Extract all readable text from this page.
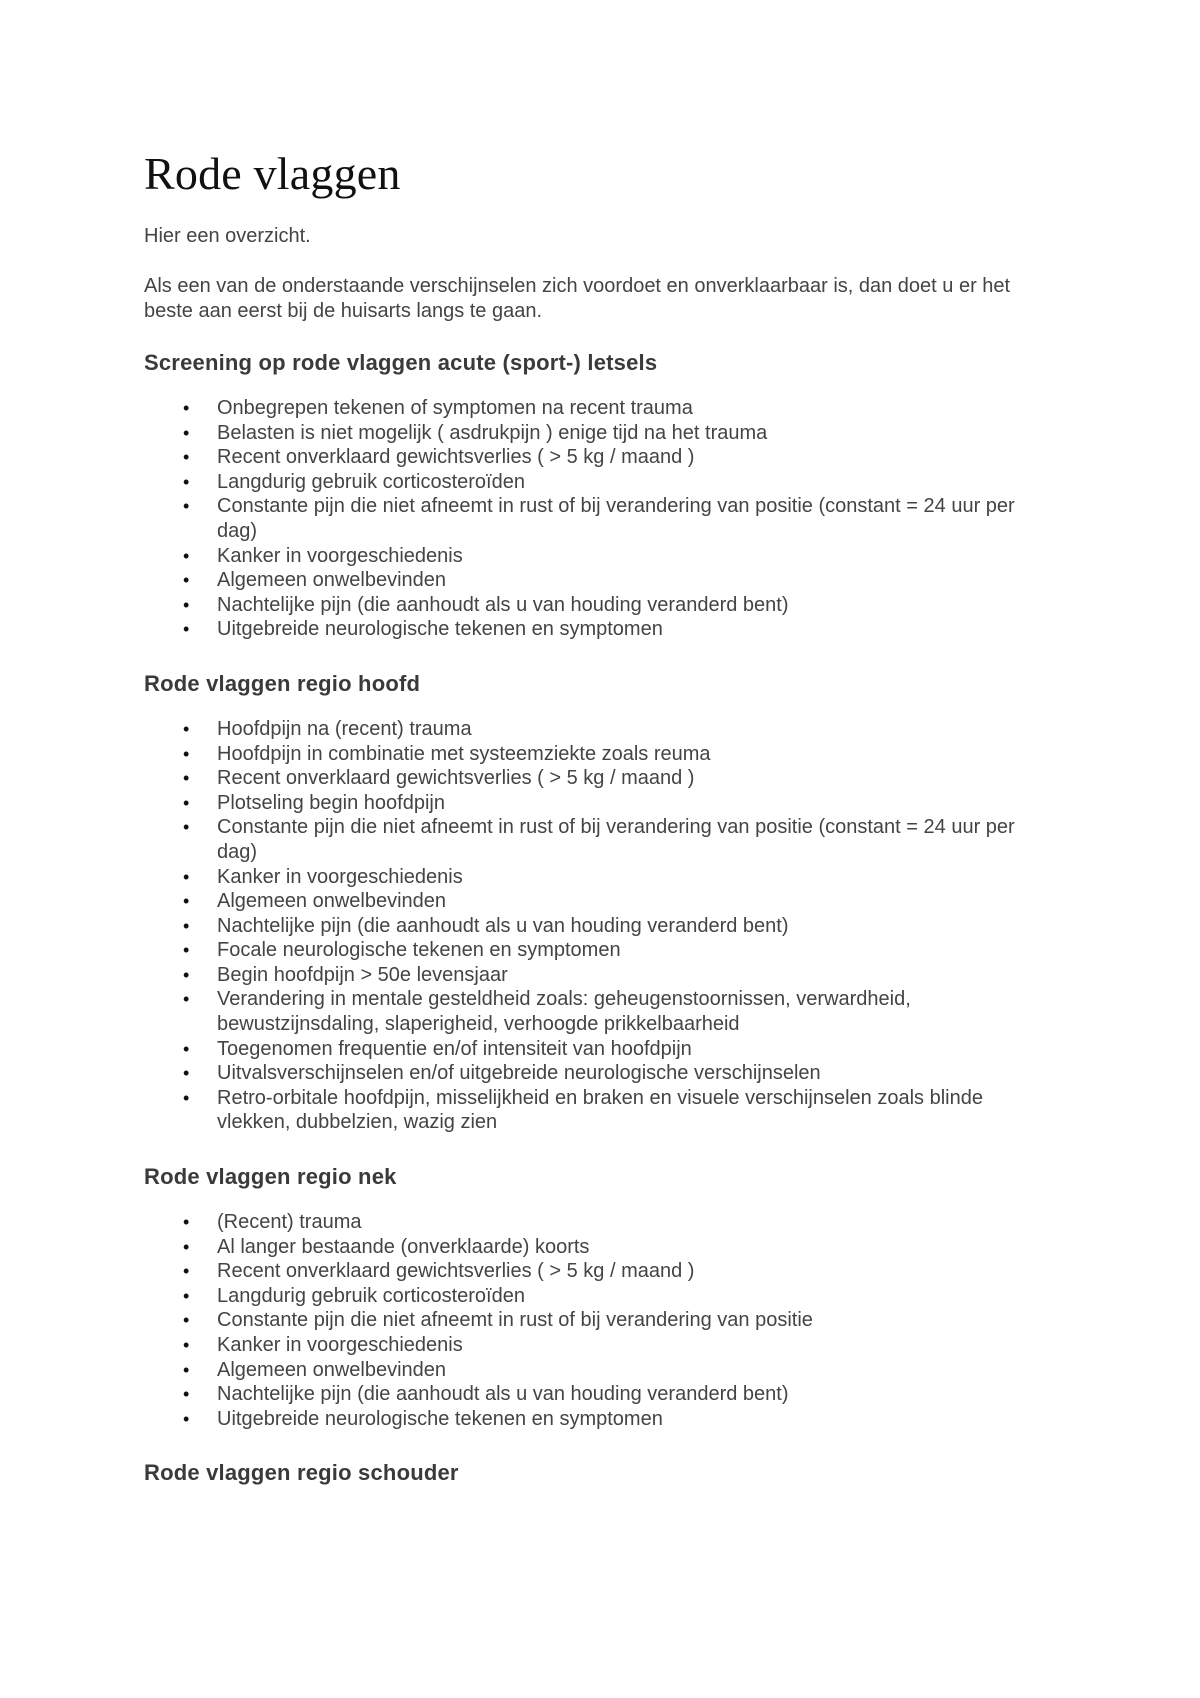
Rode vlaggen

Hier een overzicht.

Als een van de onderstaande verschijnselen zich voordoet en onverklaarbaar is, dan doet u er het beste aan eerst bij de huisarts langs te gaan.

Screening op rode vlaggen acute (sport-) letsels
• Onbegrepen tekenen of symptomen na recent trauma
• Belasten is niet mogelijk ( asdrukpijn ) enige tijd na het trauma
• Recent onverklaard gewichtsverlies ( > 5 kg / maand )
• Langdurig gebruik corticosteroïden
• Constante pijn die niet afneemt in rust of bij verandering van positie (constant = 24 uur per dag)
• Kanker in voorgeschiedenis
• Algemeen onwelbevinden
• Nachtelijke pijn (die aanhoudt als u van houding veranderd bent)
• Uitgebreide neurologische tekenen en symptomen
Rode vlaggen regio hoofd
• Hoofdpijn na (recent) trauma
• Hoofdpijn in combinatie met systeemziekte zoals reuma
• Recent onverklaard gewichtsverlies ( > 5 kg / maand )
• Plotseling begin hoofdpijn
• Constante pijn die niet afneemt in rust of bij verandering van positie (constant = 24 uur per dag)
• Kanker in voorgeschiedenis
• Algemeen onwelbevinden
• Nachtelijke pijn (die aanhoudt als u van houding veranderd bent)
• Focale neurologische tekenen en symptomen
• Begin hoofdpijn > 50e levensjaar
• Verandering in mentale gesteldheid zoals: geheugenstoornissen, verwardheid, bewustzijnsdaling, slaperigheid, verhoogde prikkelbaarheid
• Toegenomen frequentie en/of intensiteit van hoofdpijn
• Uitvalsverschijnselen en/of uitgebreide neurologische verschijnselen
• Retro-orbitale hoofdpijn, misselijkheid en braken en visuele verschijnselen zoals blinde vlekken, dubbelzien, wazig zien
Rode vlaggen regio nek
• (Recent) trauma
• Al langer bestaande (onverklaarde) koorts
• Recent onverklaard gewichtsverlies ( > 5 kg / maand )
• Langdurig gebruik corticosteroïden
• Constante pijn die niet afneemt in rust of bij verandering van positie
• Kanker in voorgeschiedenis
• Algemeen onwelbevinden
• Nachtelijke pijn (die aanhoudt als u van houding veranderd bent)
• Uitgebreide neurologische tekenen en symptomen
Rode vlaggen regio schouder
